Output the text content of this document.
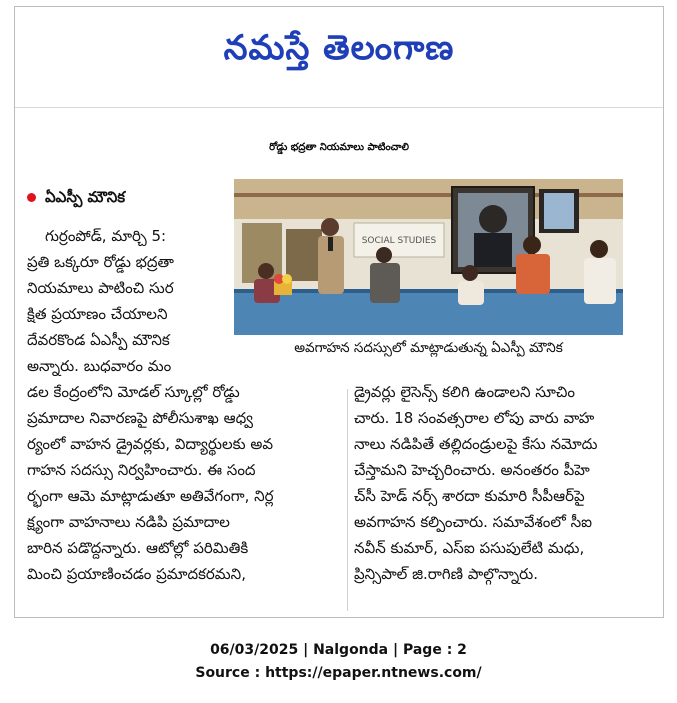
నమస్తే తెలంగాణ
రోడ్డు భద్రతా నియమాలు పాటించాలి
ఏఎస్పీ మౌనిక
గుర్రంపోడ్, మార్చి 5:
ప్రతి ఒక్కరూ రోడ్డు భద్రతా
నియమాలు పాటించి సుర
క్షిత ప్రయాణం చేయాలని
దేవరకొండ ఏఎస్పీ మౌనిక
అన్నారు. బుధవారం మం
SOCIAL STUDIES
అవగాహన సదస్సులో మాట్లాడుతున్న ఏఎస్పీ మౌనిక
డల కేంద్రంలోని మోడల్ స్కూల్లో రోడ్డు
ప్రమాదాల నివారణపై పోలీసుశాఖ ఆధ్వ
ర్యంలో వాహన డ్రైవర్లకు, విద్యార్థులకు అవ
గాహన సదస్సు నిర్వహించారు. ఈ సంద
ర్భంగా ఆమె మాట్లాడుతూ అతివేగంగా, నిర్ల
క్ష్యంగా వాహనాలు నడిపి ప్రమాదాల
బారిన పడొద్దన్నారు. ఆటోల్లో పరిమితికి
మించి ప్రయాణించడం ప్రమాదకరమని,
డ్రైవర్లు లైసెన్స్ కలిగి ఉండాలని సూచిం
చారు. 18 సంవత్సరాల లోపు వారు వాహ
నాలు నడిపితే తల్లిదండ్రులపై కేసు నమోదు
చేస్తామని హెచ్చరించారు. అనంతరం పీహె
చ్‌సీ హెడ్ నర్స్ శారదా కుమారి సీపీఆర్‌పై
అవగాహన కల్పించారు. సమావేశంలో సీఐ
నవీన్ కుమార్, ఎస్ఐ పసుపులేటి మధు,
ప్రిన్సిపాల్ జి.రాగిణి పాల్గొన్నారు.
06/03/2025 | Nalgonda | Page : 2
Source : https://epaper.ntnews.com/
